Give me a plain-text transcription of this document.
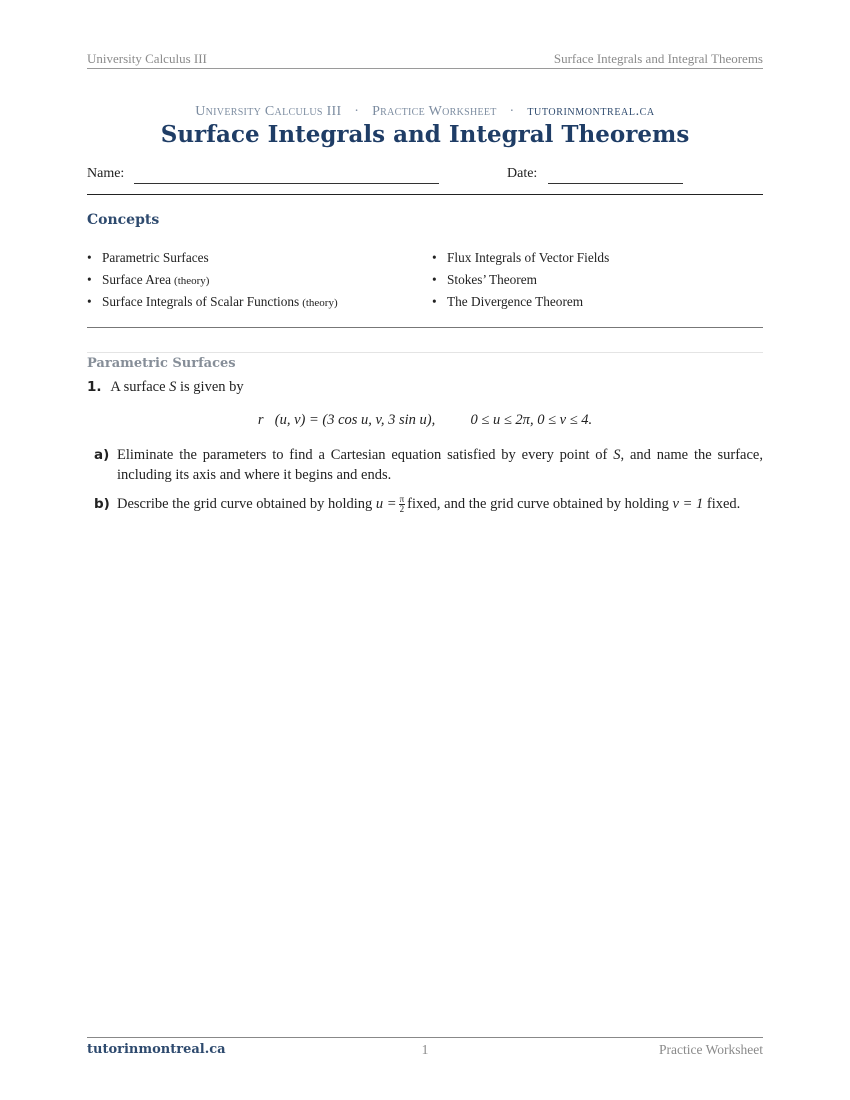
University Calculus III	Surface Integrals and Integral Theorems
University Calculus III · Practice Worksheet · tutorinmontreal.ca
Surface Integrals and Integral Theorems
Name:	Date:
Concepts
• Parametric Surfaces
• Surface Area (theory)
• Surface Integrals of Scalar Functions (theory)
• Flux Integrals of Vector Fields
• Stokes’ Theorem
• The Divergence Theorem
Parametric Surfaces
1. A surface S is given by
r⃗(u, v) = (3 cos u, v, 3 sin u), 0 ≤ u ≤ 2π, 0 ≤ v ≤ 4.
a) Eliminate the parameters to find a Cartesian equation satisfied by every point of S, and name the surface, including its axis and where it begins and ends.
b) Describe the grid curve obtained by holding $u = \frac{\pi}{2}$ fixed, and the grid curve obtained by holding v = 1 fixed.
tutorinmontreal.ca	1	Practice Worksheet
